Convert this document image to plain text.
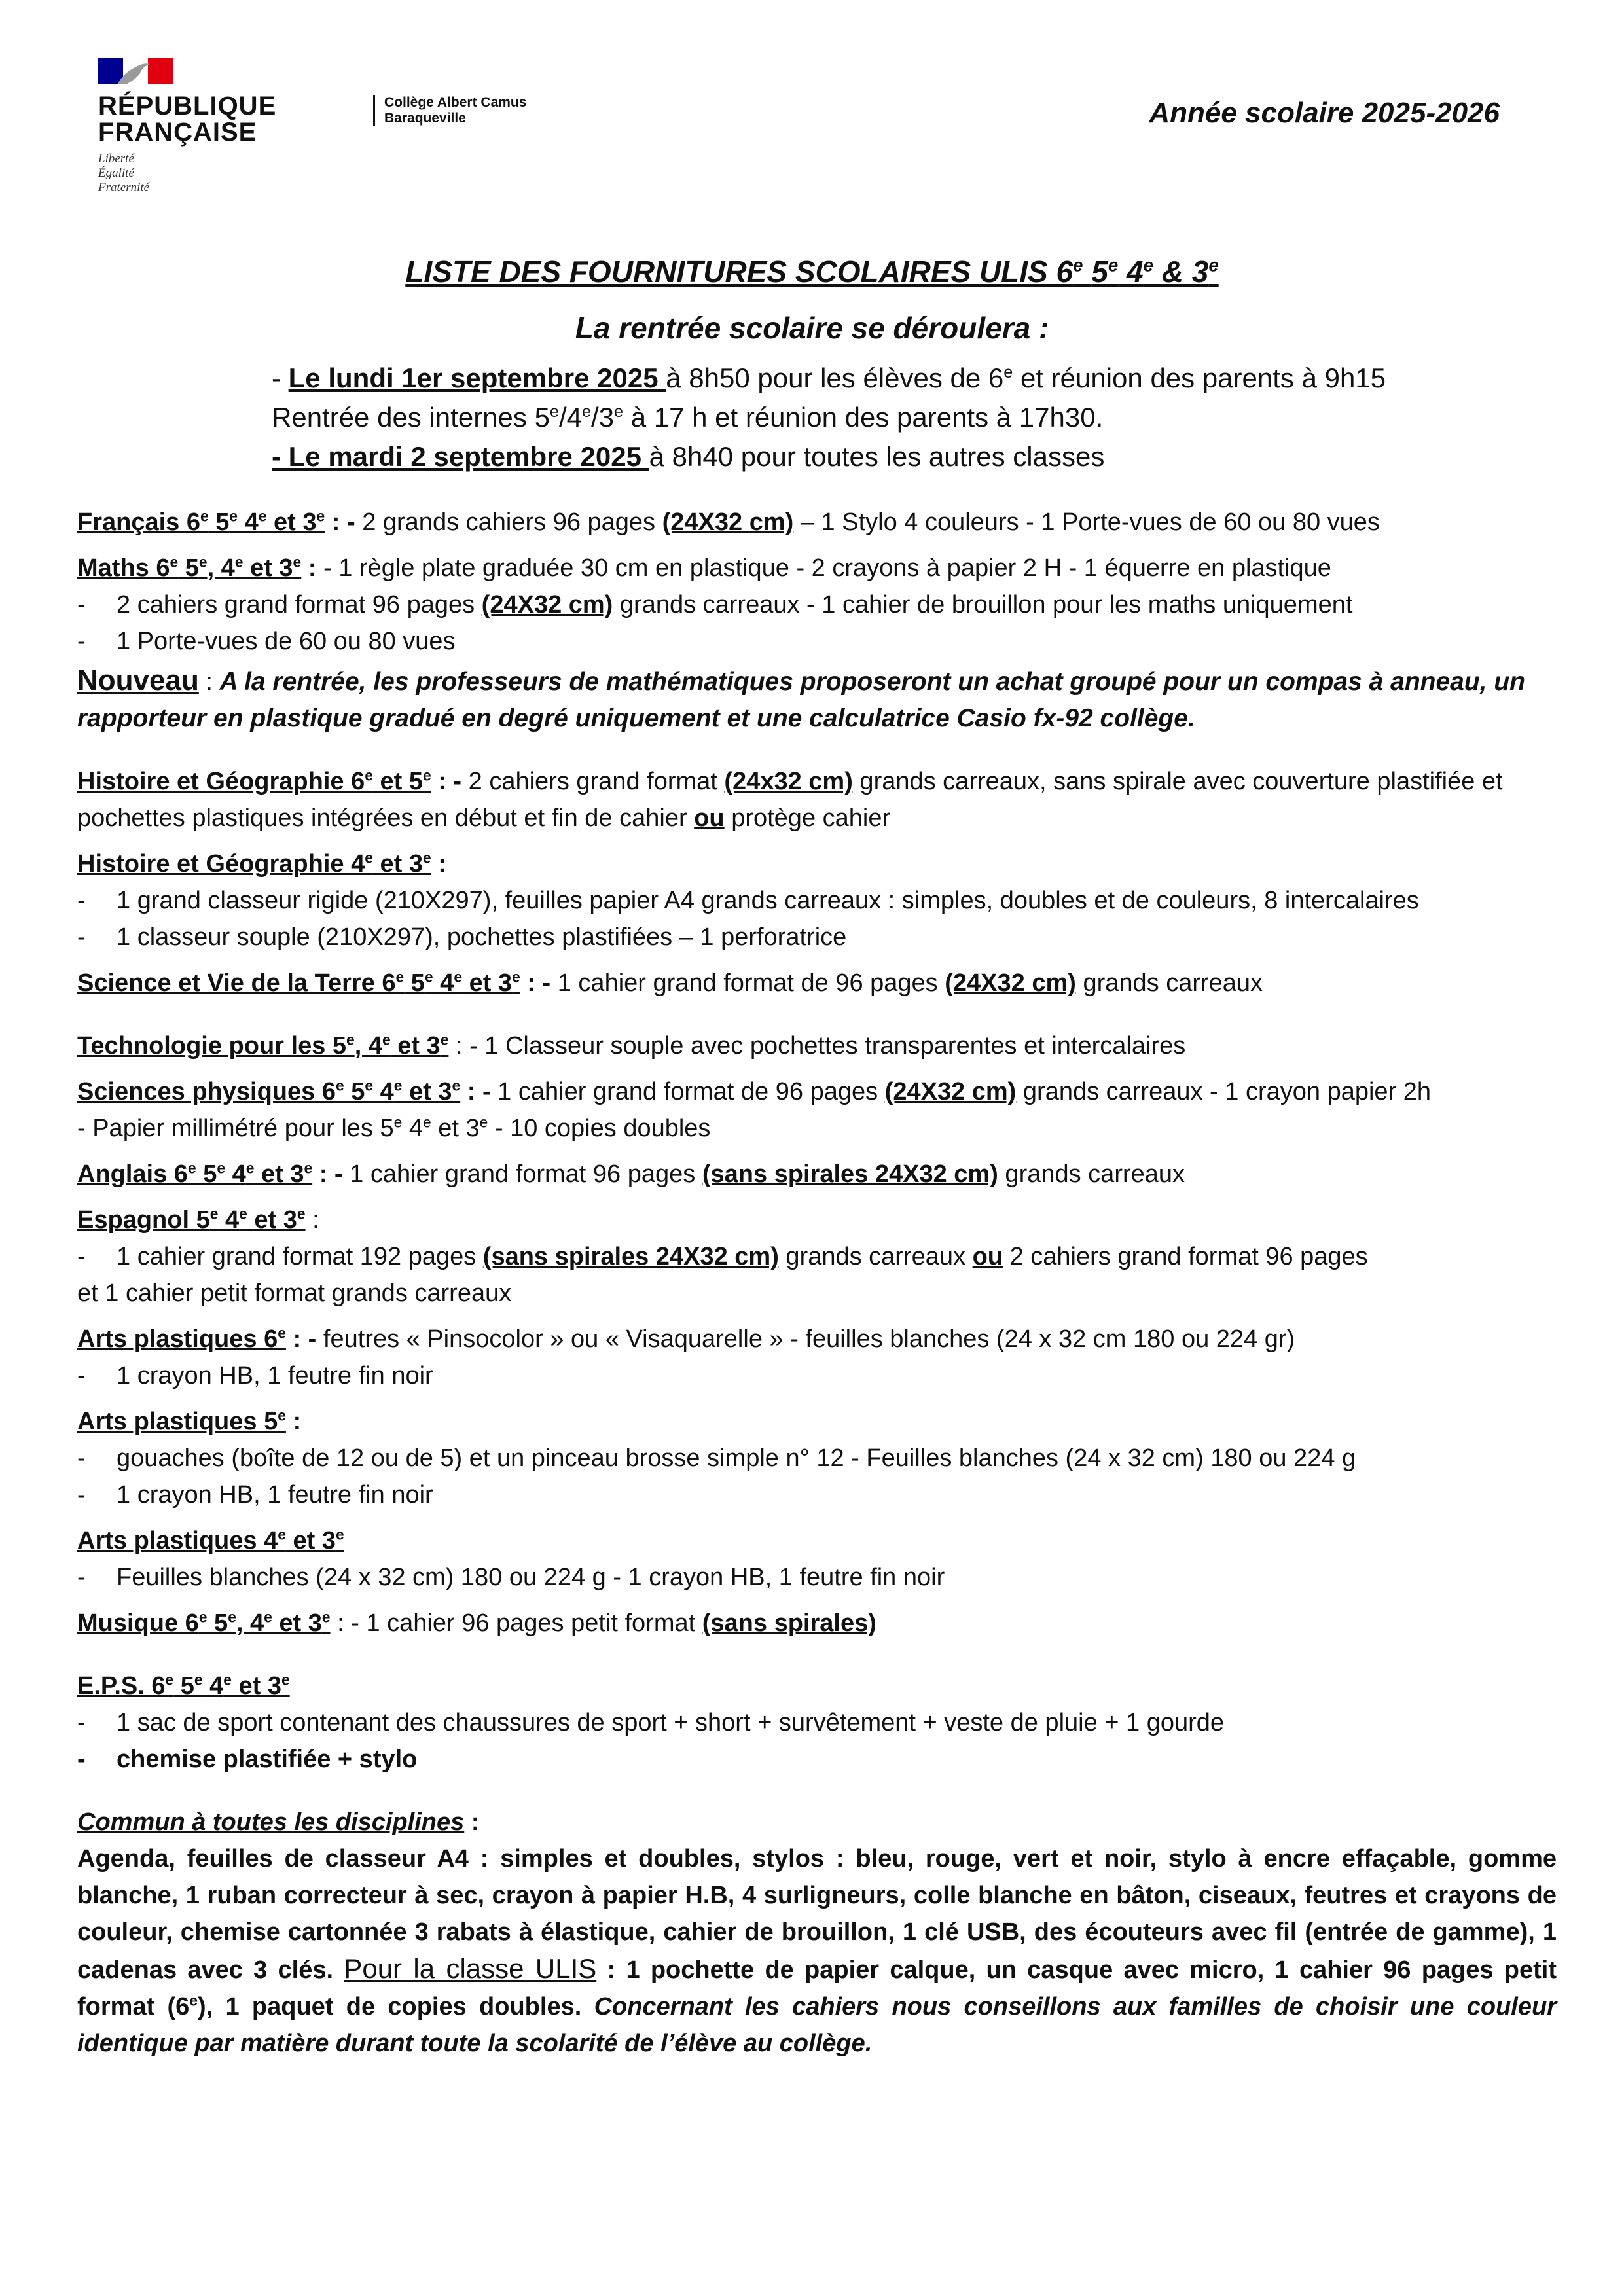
RÉPUBLIQUE
FRANÇAISE
Liberté
Égalité
Fraternité
Collège Albert Camus
Baraqueville	Année scolaire 2025-2026
LISTE DES FOURNITURES SCOLAIRES ULIS 6e 5e 4e & 3e
La rentrée scolaire se déroulera :
- Le lundi 1er septembre 2025 à 8h50 pour les élèves de 6e et réunion des parents à 9h15
Rentrée des internes 5e/4e/3e à 17 h et réunion des parents à 17h30.
- Le mardi 2 septembre 2025 à 8h40 pour toutes les autres classes
Français 6e 5e 4e et 3e : - 2 grands cahiers 96 pages (24X32 cm) – 1 Stylo 4 couleurs - 1 Porte-vues de 60 ou 80 vues
Maths 6e 5e, 4e et 3e : - 1 règle plate graduée 30 cm en plastique - 2 crayons à papier 2 H - 1 équerre en plastique
- 2 cahiers grand format 96 pages (24X32 cm) grands carreaux - 1 cahier de brouillon pour les maths uniquement
- 1 Porte-vues de 60 ou 80 vues
Nouveau : A la rentrée, les professeurs de mathématiques proposeront un achat groupé pour un compas à anneau, un rapporteur en plastique gradué en degré uniquement et une calculatrice Casio fx-92 collège.
Histoire et Géographie 6e et 5e : - 2 cahiers grand format (24x32 cm) grands carreaux, sans spirale avec couverture plastifiée et pochettes plastiques intégrées en début et fin de cahier ou protège cahier
Histoire et Géographie 4e et 3e :
- 1 grand classeur rigide (210X297), feuilles papier A4 grands carreaux : simples, doubles et de couleurs, 8 intercalaires
- 1 classeur souple (210X297), pochettes plastifiées – 1 perforatrice
Science et Vie de la Terre 6e 5e 4e et 3e : - 1 cahier grand format de 96 pages (24X32 cm) grands carreaux
Technologie pour les 5e, 4e et 3e : - 1 Classeur souple avec pochettes transparentes et intercalaires
Sciences physiques 6e 5e 4e et 3e : - 1 cahier grand format de 96 pages (24X32 cm) grands carreaux - 1 crayon papier 2h
- Papier millimétré pour les 5e 4e et 3e - 10 copies doubles
Anglais 6e 5e 4e et 3e : - 1 cahier grand format 96 pages (sans spirales 24X32 cm) grands carreaux
Espagnol 5e 4e et 3e :
- 1 cahier grand format 192 pages (sans spirales 24X32 cm) grands carreaux ou 2 cahiers grand format 96 pages
et 1 cahier petit format grands carreaux
Arts plastiques 6e : - feutres « Pinsocolor » ou « Visaquarelle » - feuilles blanches (24 x 32 cm 180 ou 224 gr)
- 1 crayon HB, 1 feutre fin noir
Arts plastiques 5e :
- gouaches (boîte de 12 ou de 5) et un pinceau brosse simple n° 12 - Feuilles blanches (24 x 32 cm) 180 ou 224 g
- 1 crayon HB, 1 feutre fin noir
Arts plastiques 4e et 3e
- Feuilles blanches (24 x 32 cm) 180 ou 224 g - 1 crayon HB, 1 feutre fin noir
Musique 6e 5e, 4e et 3e : - 1 cahier 96 pages petit format (sans spirales)
E.P.S. 6e 5e 4e et 3e
- 1 sac de sport contenant des chaussures de sport + short + survêtement + veste de pluie + 1 gourde
- chemise plastifiée + stylo
Commun à toutes les disciplines :
Agenda, feuilles de classeur A4 : simples et doubles, stylos : bleu, rouge, vert et noir, stylo à encre effaçable, gomme blanche, 1 ruban correcteur à sec, crayon à papier H.B, 4 surligneurs, colle blanche en bâton, ciseaux, feutres et crayons de couleur, chemise cartonnée 3 rabats à élastique, cahier de brouillon, 1 clé USB, des écouteurs avec fil (entrée de gamme), 1 cadenas avec 3 clés. Pour la classe ULIS : 1 pochette de papier calque, un casque avec micro, 1 cahier 96 pages petit format (6e), 1 paquet de copies doubles. Concernant les cahiers nous conseillons aux familles de choisir une couleur identique par matière durant toute la scolarité de l’élève au collège.
